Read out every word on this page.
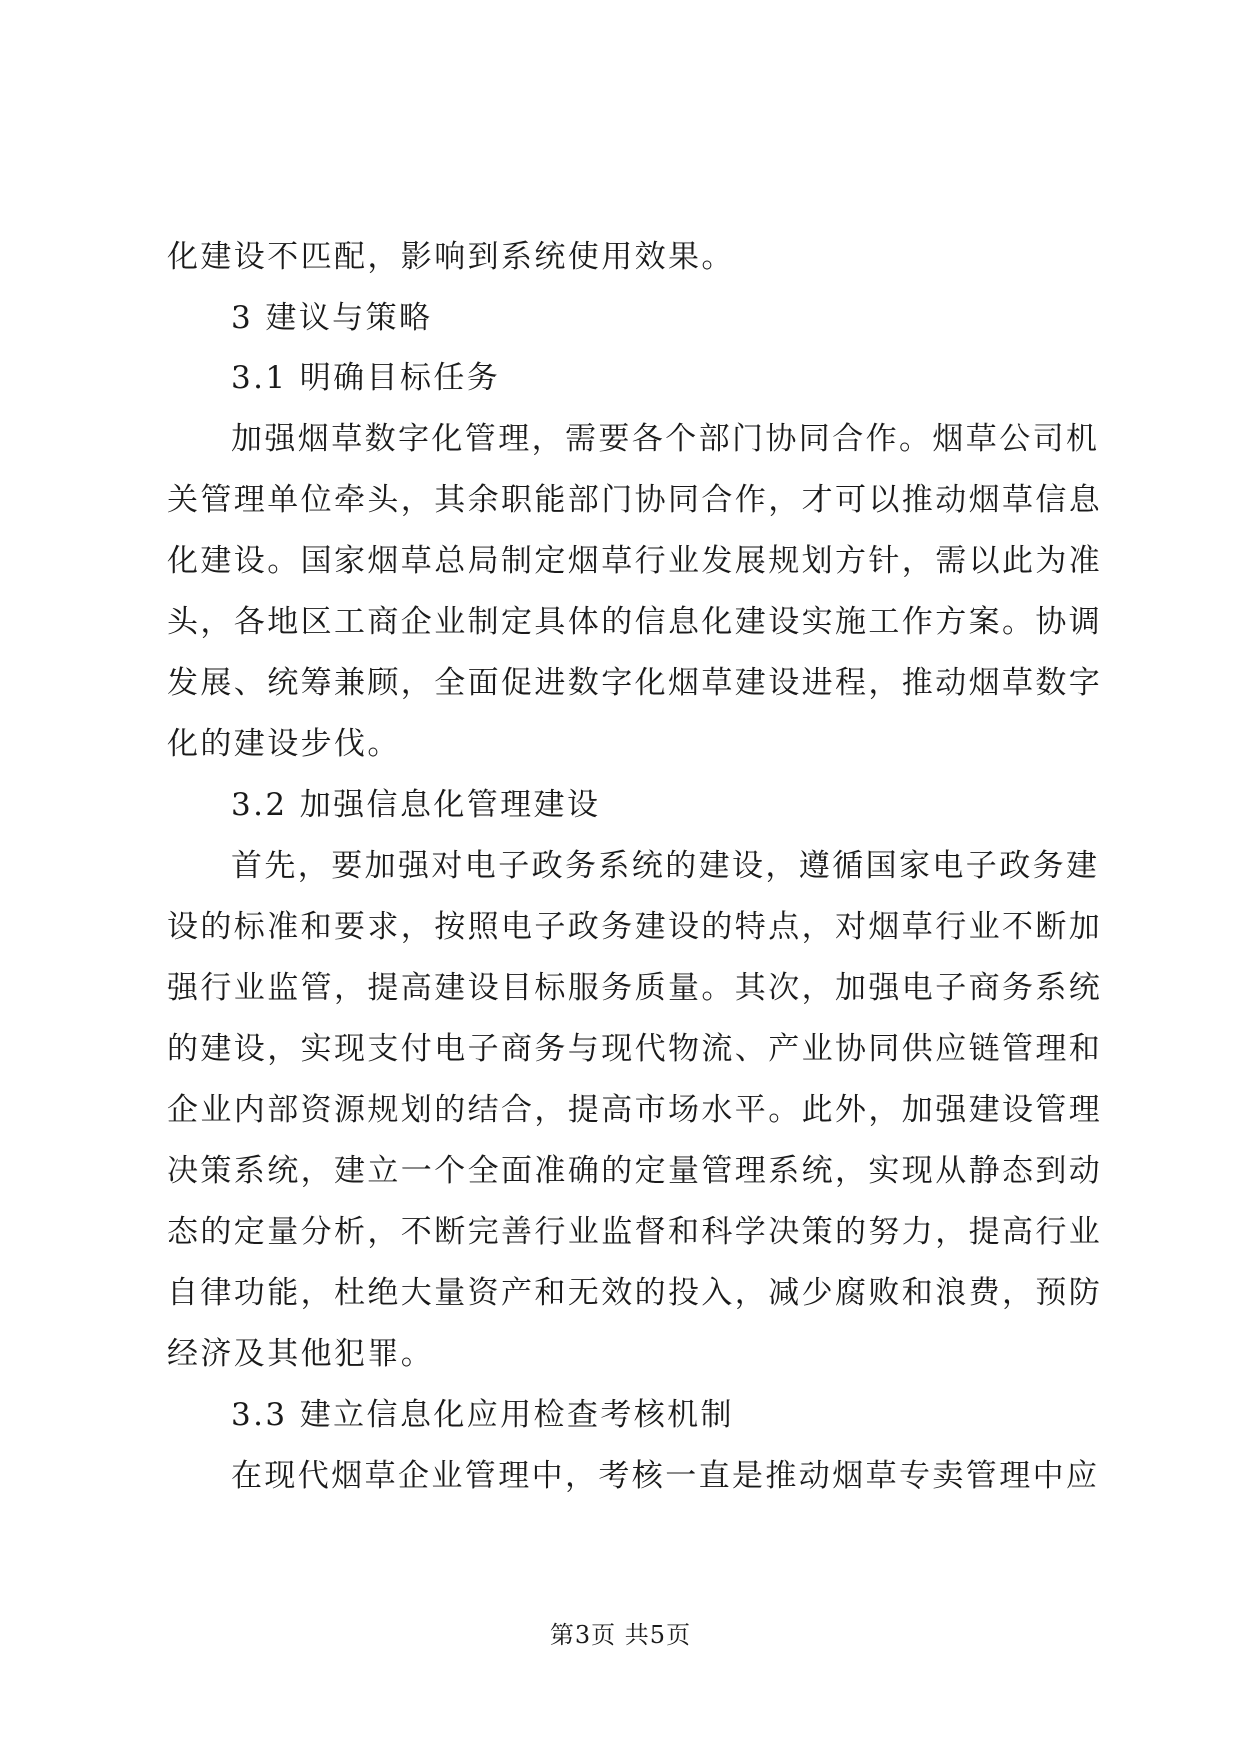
化建设不匹配，影响到系统使用效果。
3 建议与策略
3.1 明确目标任务
加强烟草数字化管理，需要各个部门协同合作。烟草公司机
关管理单位牵头，其余职能部门协同合作，才可以推动烟草信息
化建设。国家烟草总局制定烟草行业发展规划方针，需以此为准
头，各地区工商企业制定具体的信息化建设实施工作方案。协调
发展、统筹兼顾，全面促进数字化烟草建设进程，推动烟草数字
化的建设步伐。
3.2 加强信息化管理建设
首先，要加强对电子政务系统的建设，遵循国家电子政务建
设的标准和要求，按照电子政务建设的特点，对烟草行业不断加
强行业监管，提高建设目标服务质量。其次，加强电子商务系统
的建设，实现支付电子商务与现代物流、产业协同供应链管理和
企业内部资源规划的结合，提高市场水平。此外，加强建设管理
决策系统，建立一个全面准确的定量管理系统，实现从静态到动
态的定量分析，不断完善行业监督和科学决策的努力，提高行业
自律功能，杜绝大量资产和无效的投入，减少腐败和浪费，预防
经济及其他犯罪。
3.3 建立信息化应用检查考核机制
在现代烟草企业管理中，考核一直是推动烟草专卖管理中应
第3页 共5页
